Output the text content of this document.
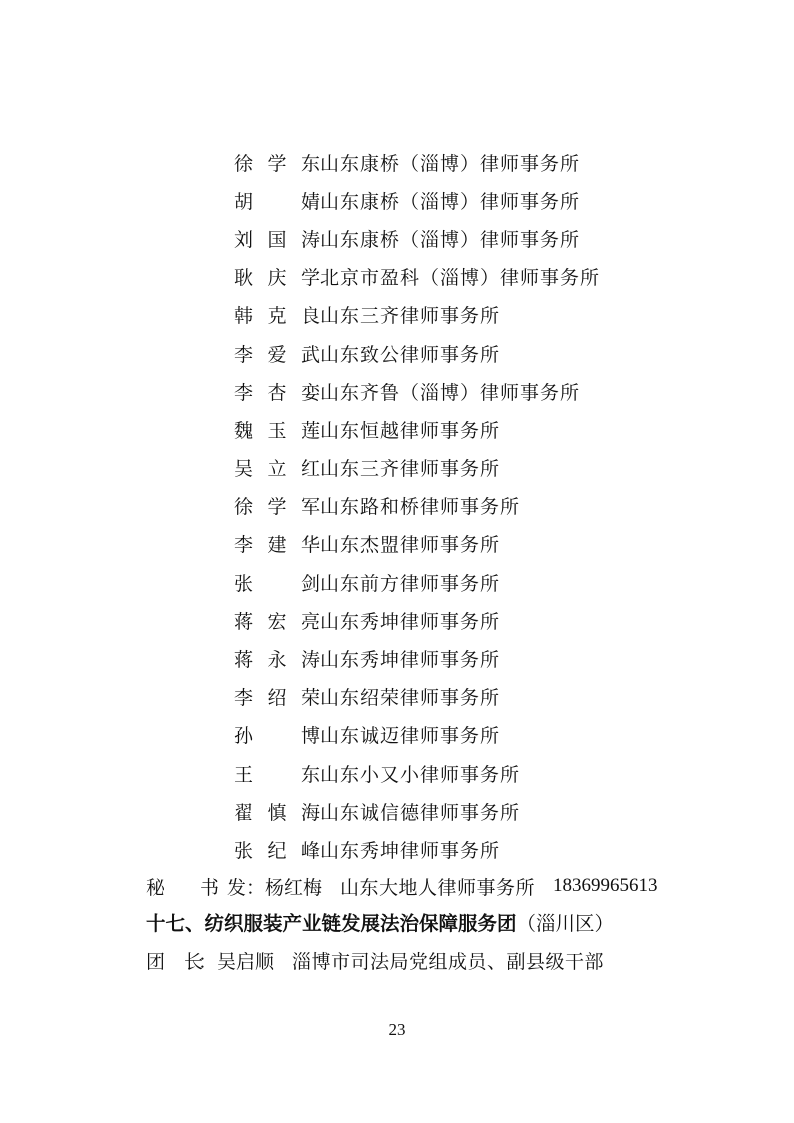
徐学东 山东康桥（淄博）律师事务所
胡　婧 山东康桥（淄博）律师事务所
刘国涛 山东康桥（淄博）律师事务所
耿庆学 北京市盈科（淄博）律师事务所
韩克良 山东三齐律师事务所
李爱武 山东致公律师事务所
李杏娈 山东齐鲁（淄博）律师事务所
魏玉莲 山东恒越律师事务所
吴立红 山东三齐律师事务所
徐学军 山东路和桥律师事务所
李建华 山东杰盟律师事务所
张　剑 山东前方律师事务所
蒋宏亮 山东秀坤律师事务所
蒋永涛 山东秀坤律师事务所
李绍荣 山东绍荣律师事务所
孙　博 山东诚迈律师事务所
王　东 山东小又小律师事务所
翟慎海 山东诚信德律师事务所
张纪峰 山东秀坤律师事务所
秘　书发 ： 杨红梅 山东大地人律师事务所 18369965613
十七、纺织服装产业链发展法治保障服务团 （淄川区）
团　长
： 吴启顺 淄博市司法局党组成员、副县级干部
23
